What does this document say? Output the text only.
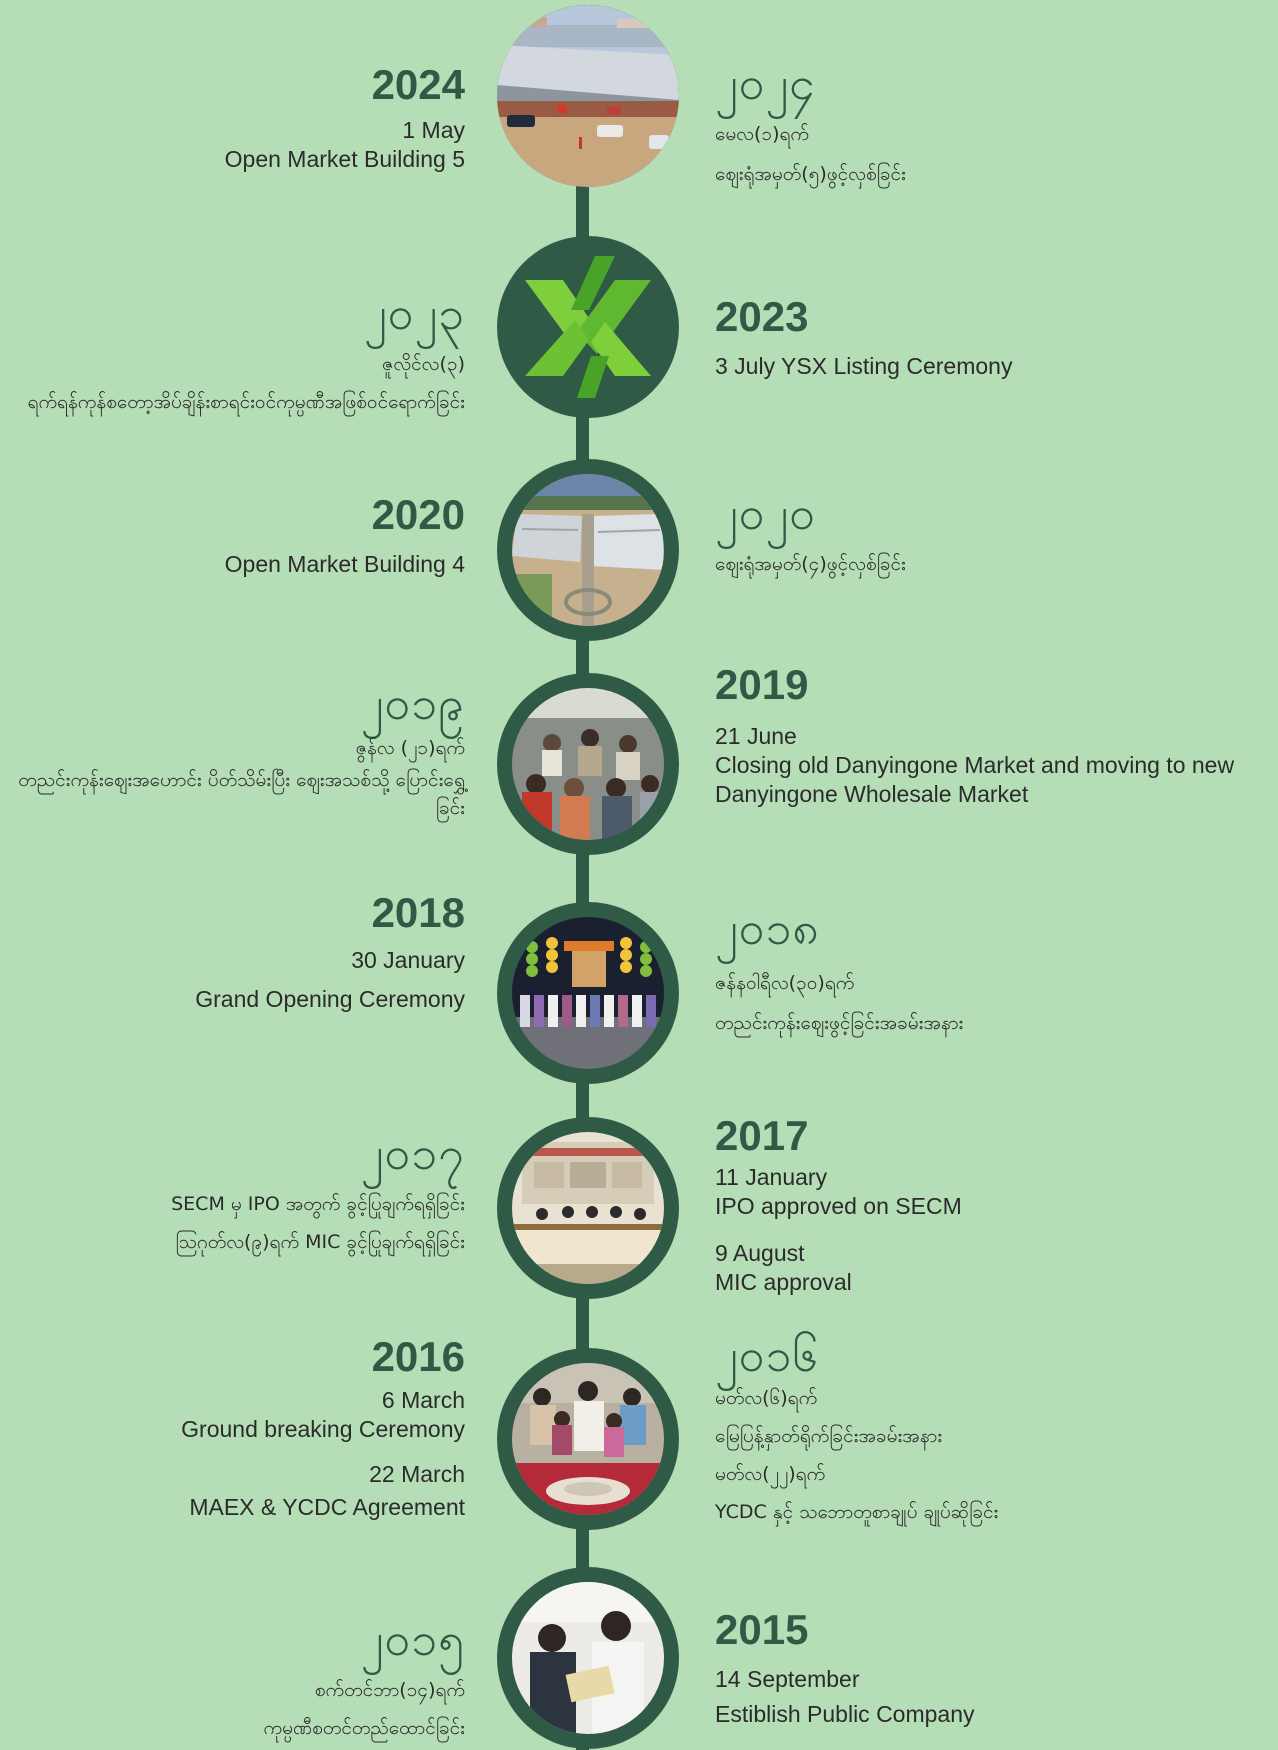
2024
1 May
Open Market Building 5
၂၀၂၄
မေလ(၁)ရက်
ဈေးရုံအမှတ်(၅)ဖွင့်လှစ်ခြင်း
၂၀၂၃
ဇူလိုင်လ(၃)
ရက်ရန်ကုန်စတော့အိပ်ချိန်းစာရင်းဝင်ကုမ္ပဏီအဖြစ်ဝင်ရောက်ခြင်း
2023
3 July YSX Listing Ceremony
2020
Open Market Building 4
၂၀၂၀
ဈေးရုံအမှတ်(၄)ဖွင့်လှစ်ခြင်း
၂၀၁၉
ဇွန်လ (၂၁)ရက်
တညင်းကုန်းဈေးအဟောင်း ပိတ်သိမ်းပြီး ဈေးအသစ်သို့ ပြောင်းရွှေ့ခြင်း
2019
21 June
Closing old Danyingone Market and moving to new
Danyingone Wholesale Market
2018
30 January
Grand Opening Ceremony
၂၀၁၈
ဇန်နဝါရီလ(၃၀)ရက်
တညင်းကုန်းဈေးဖွင့်ခြင်းအခမ်းအနား
၂၀၁၇
SECM မှ IPO အတွက် ခွင့်ပြုချက်ရရှိခြင်း
ဩဂုတ်လ(၉)ရက် MIC ခွင့်ပြုချက်ရရှိခြင်း
2017
11 January
IPO approved on SECM
9 August
MIC approval
2016
6 March
Ground breaking Ceremony
22 March
MAEX & YCDC Agreement
၂၀၁၆
မတ်လ(၆)ရက်
မြေပြန့်နှာတ်ရိုက်ခြင်းအခမ်းအနား
မတ်လ(၂၂)ရက်
YCDC နှင့် သဘောတူစာချုပ် ချုပ်ဆိုခြင်း
၂၀၁၅
စက်တင်ဘာ(၁၄)ရက်
ကုမ္ပဏီစတင်တည်ထောင်ခြင်း
2015
14 September
Estiblish Public Company
